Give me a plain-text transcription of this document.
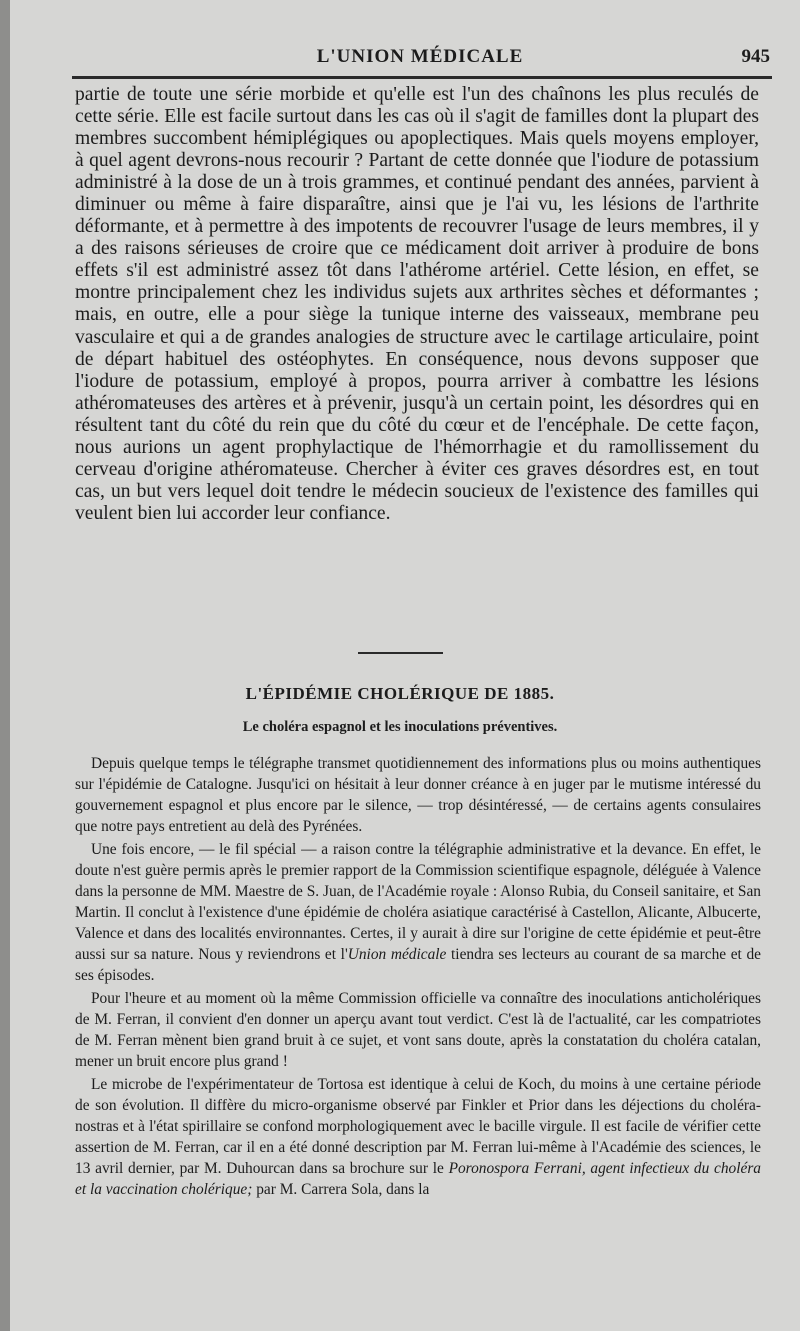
L'UNION MÉDICALE	945

partie de toute une série morbide et qu'elle est l'un des chaînons les plus reculés de cette série. Elle est facile surtout dans les cas où il s'agit de familles dont la plupart des membres succombent hémiplégiques ou apoplectiques. Mais quels moyens employer, à quel agent devrons-nous recourir ? Partant de cette donnée que l'iodure de potassium administré à la dose de un à trois grammes, et continué pendant des années, parvient à diminuer ou même à faire disparaître, ainsi que je l'ai vu, les lésions de l'arthrite déformante, et à permettre à des impotents de recouvrer l'usage de leurs membres, il y a des raisons sérieuses de croire que ce médicament doit arriver à produire de bons effets s'il est administré assez tôt dans l'athérome artériel. Cette lésion, en effet, se montre principalement chez les individus sujets aux arthrites sèches et déformantes ; mais, en outre, elle a pour siège la tunique interne des vaisseaux, membrane peu vasculaire et qui a de grandes analogies de structure avec le cartilage articulaire, point de départ habituel des ostéophytes. En conséquence, nous devons supposer que l'iodure de potassium, employé à propos, pourra arriver à combattre les lésions athéromateuses des artères et à prévenir, jusqu'à un certain point, les désordres qui en résultent tant du côté du rein que du côté du cœur et de l'encéphale. De cette façon, nous aurions un agent prophylactique de l'hémorrhagie et du ramollissement du cerveau d'origine athéromateuse. Chercher à éviter ces graves désordres est, en tout cas, un but vers lequel doit tendre le médecin soucieux de l'existence des familles qui veulent bien lui accorder leur confiance.

L'ÉPIDÉMIE CHOLÉRIQUE DE 1885.
Le choléra espagnol et les inoculations préventives.

Depuis quelque temps le télégraphe transmet quotidiennement des informations plus ou moins authentiques sur l'épidémie de Catalogne. Jusqu'ici on hésitait à leur donner créance à en juger par le mutisme intéressé du gouvernement espagnol et plus encore par le silence, — trop désintéressé, — de certains agents consulaires que notre pays entretient au delà des Pyrénées.

Une fois encore, — le fil spécial — a raison contre la télégraphie administrative et la devance. En effet, le doute n'est guère permis après le premier rapport de la Commission scientifique espagnole, déléguée à Valence dans la personne de MM. Maestre de S. Juan, de l'Académie royale : Alonso Rubia, du Conseil sanitaire, et San Martin. Il conclut à l'existence d'une épidémie de choléra asiatique caractérisé à Castellon, Alicante, Albucerte, Valence et dans des localités environnantes. Certes, il y aurait à dire sur l'origine de cette épidémie et peut-être aussi sur sa nature. Nous y reviendrons et l'Union médicale tiendra ses lecteurs au courant de sa marche et de ses épisodes.

Pour l'heure et au moment où la même Commission officielle va connaître des inoculations anticholériques de M. Ferran, il convient d'en donner un aperçu avant tout verdict. C'est là de l'actualité, car les compatriotes de M. Ferran mènent bien grand bruit à ce sujet, et vont sans doute, après la constatation du choléra catalan, mener un bruit encore plus grand !

Le microbe de l'expérimentateur de Tortosa est identique à celui de Koch, du moins à une certaine période de son évolution. Il diffère du micro-organisme observé par Finkler et Prior dans les déjections du choléra-nostras et à l'état spirillaire se confond morphologiquement avec le bacille virgule. Il est facile de vérifier cette assertion de M. Ferran, car il en a été donné description par M. Ferran lui-même à l'Académie des sciences, le 13 avril dernier, par M. Duhourcan dans sa brochure sur le Poronospora Ferrani, agent infectieux du choléra et la vaccination cholérique; par M. Carrera Sola, dans la
